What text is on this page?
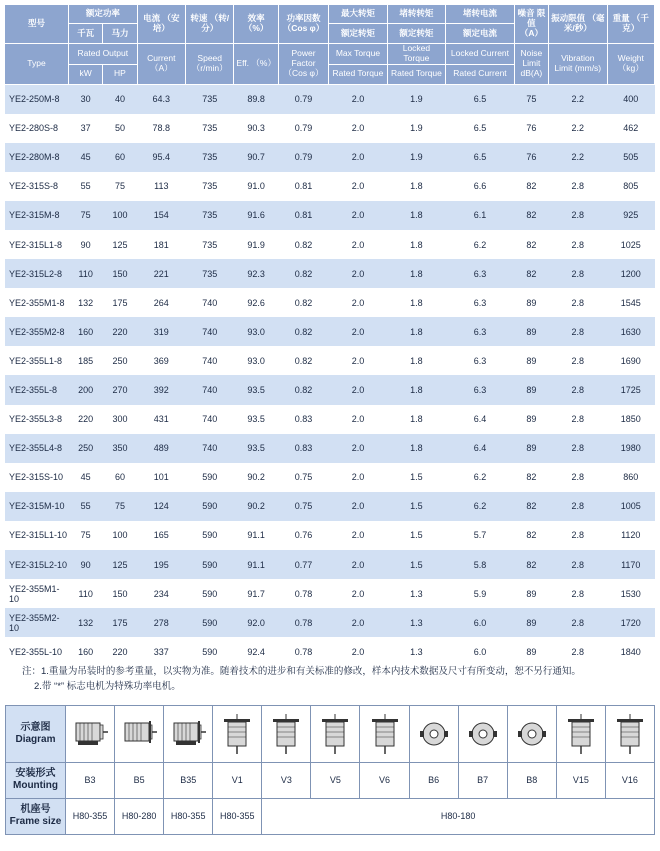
型号	额定功率		电流 （安培）	转速 （转/分）	效率 （%）	功率因数 （Cos φ）	最大转矩	堵转转矩	堵转电流	噪音 限值 （A）	振动限值 （毫米/秒）	重量 （千克）
	千瓦	马力					额定转矩	额定转矩	额定电流			
Type	Rated Output		Current （A）	Speed （r/min）	Eff. （%）	Power Factor （Cos φ）	Max Torque	Locked Torque	Locked Current	Noise Limit dB(A)	Vibration Limit (mm/s)	Weight （kg）
	kW	HP					Rated Torque	Rated Torque	Rated Current			
YE2-250M-8	30	40	64.3	735	89.8	0.79	2.0	1.9	6.5	75	2.2	400
YE2-280S-8	37	50	78.8	735	90.3	0.79	2.0	1.9	6.5	76	2.2	462
YE2-280M-8	45	60	95.4	735	90.7	0.79	2.0	1.9	6.5	76	2.2	505
YE2-315S-8	55	75	113	735	91.0	0.81	2.0	1.8	6.6	82	2.8	805
YE2-315M-8	75	100	154	735	91.6	0.81	2.0	1.8	6.1	82	2.8	925
YE2-315L1-8	90	125	181	735	91.9	0.82	2.0	1.8	6.2	82	2.8	1025
YE2-315L2-8	110	150	221	735	92.3	0.82	2.0	1.8	6.3	82	2.8	1200
YE2-355M1-8	132	175	264	740	92.6	0.82	2.0	1.8	6.3	89	2.8	1545
YE2-355M2-8	160	220	319	740	93.0	0.82	2.0	1.8	6.3	89	2.8	1630
YE2-355L1-8	185	250	369	740	93.0	0.82	2.0	1.8	6.3	89	2.8	1690
YE2-355L-8	200	270	392	740	93.5	0.82	2.0	1.8	6.3	89	2.8	1725
YE2-355L3-8	220	300	431	740	93.5	0.83	2.0	1.8	6.4	89	2.8	1850
YE2-355L4-8	250	350	489	740	93.5	0.83	2.0	1.8	6.4	89	2.8	1980
YE2-315S-10	45	60	101	590	90.2	0.75	2.0	1.5	6.2	82	2.8	860
YE2-315M-10	55	75	124	590	90.2	0.75	2.0	1.5	6.2	82	2.8	1005
YE2-315L1-10	75	100	165	590	91.1	0.76	2.0	1.5	5.7	82	2.8	1120
YE2-315L2-10	90	125	195	590	91.1	0.77	2.0	1.5	5.8	82	2.8	1170
YE2-355M1-10	110	150	234	590	91.7	0.78	2.0	1.3	5.9	89	2.8	1530
YE2-355M2-10	132	175	278	590	92.0	0.78	2.0	1.3	6.0	89	2.8	1720
YE2-355L-10	160	220	337	590	92.4	0.78	2.0	1.3	6.0	89	2.8	1840
注：1.重量为吊装时的参考重量，以实物为准。随着技术的进步和有关标准的修改，样本内技术数据及尺寸有所变动，恕不另行通知。
2.带 “*” 标志电机为特殊功率电机。
示意图
Diagram

安装形式
Mounting	B3	B5	B35	V1	V3	V5	V6	B6	B7	B8	V15	V16

机座号
Frame size	H80-355	H80-280	H80-355	H80-355	H80-180							
